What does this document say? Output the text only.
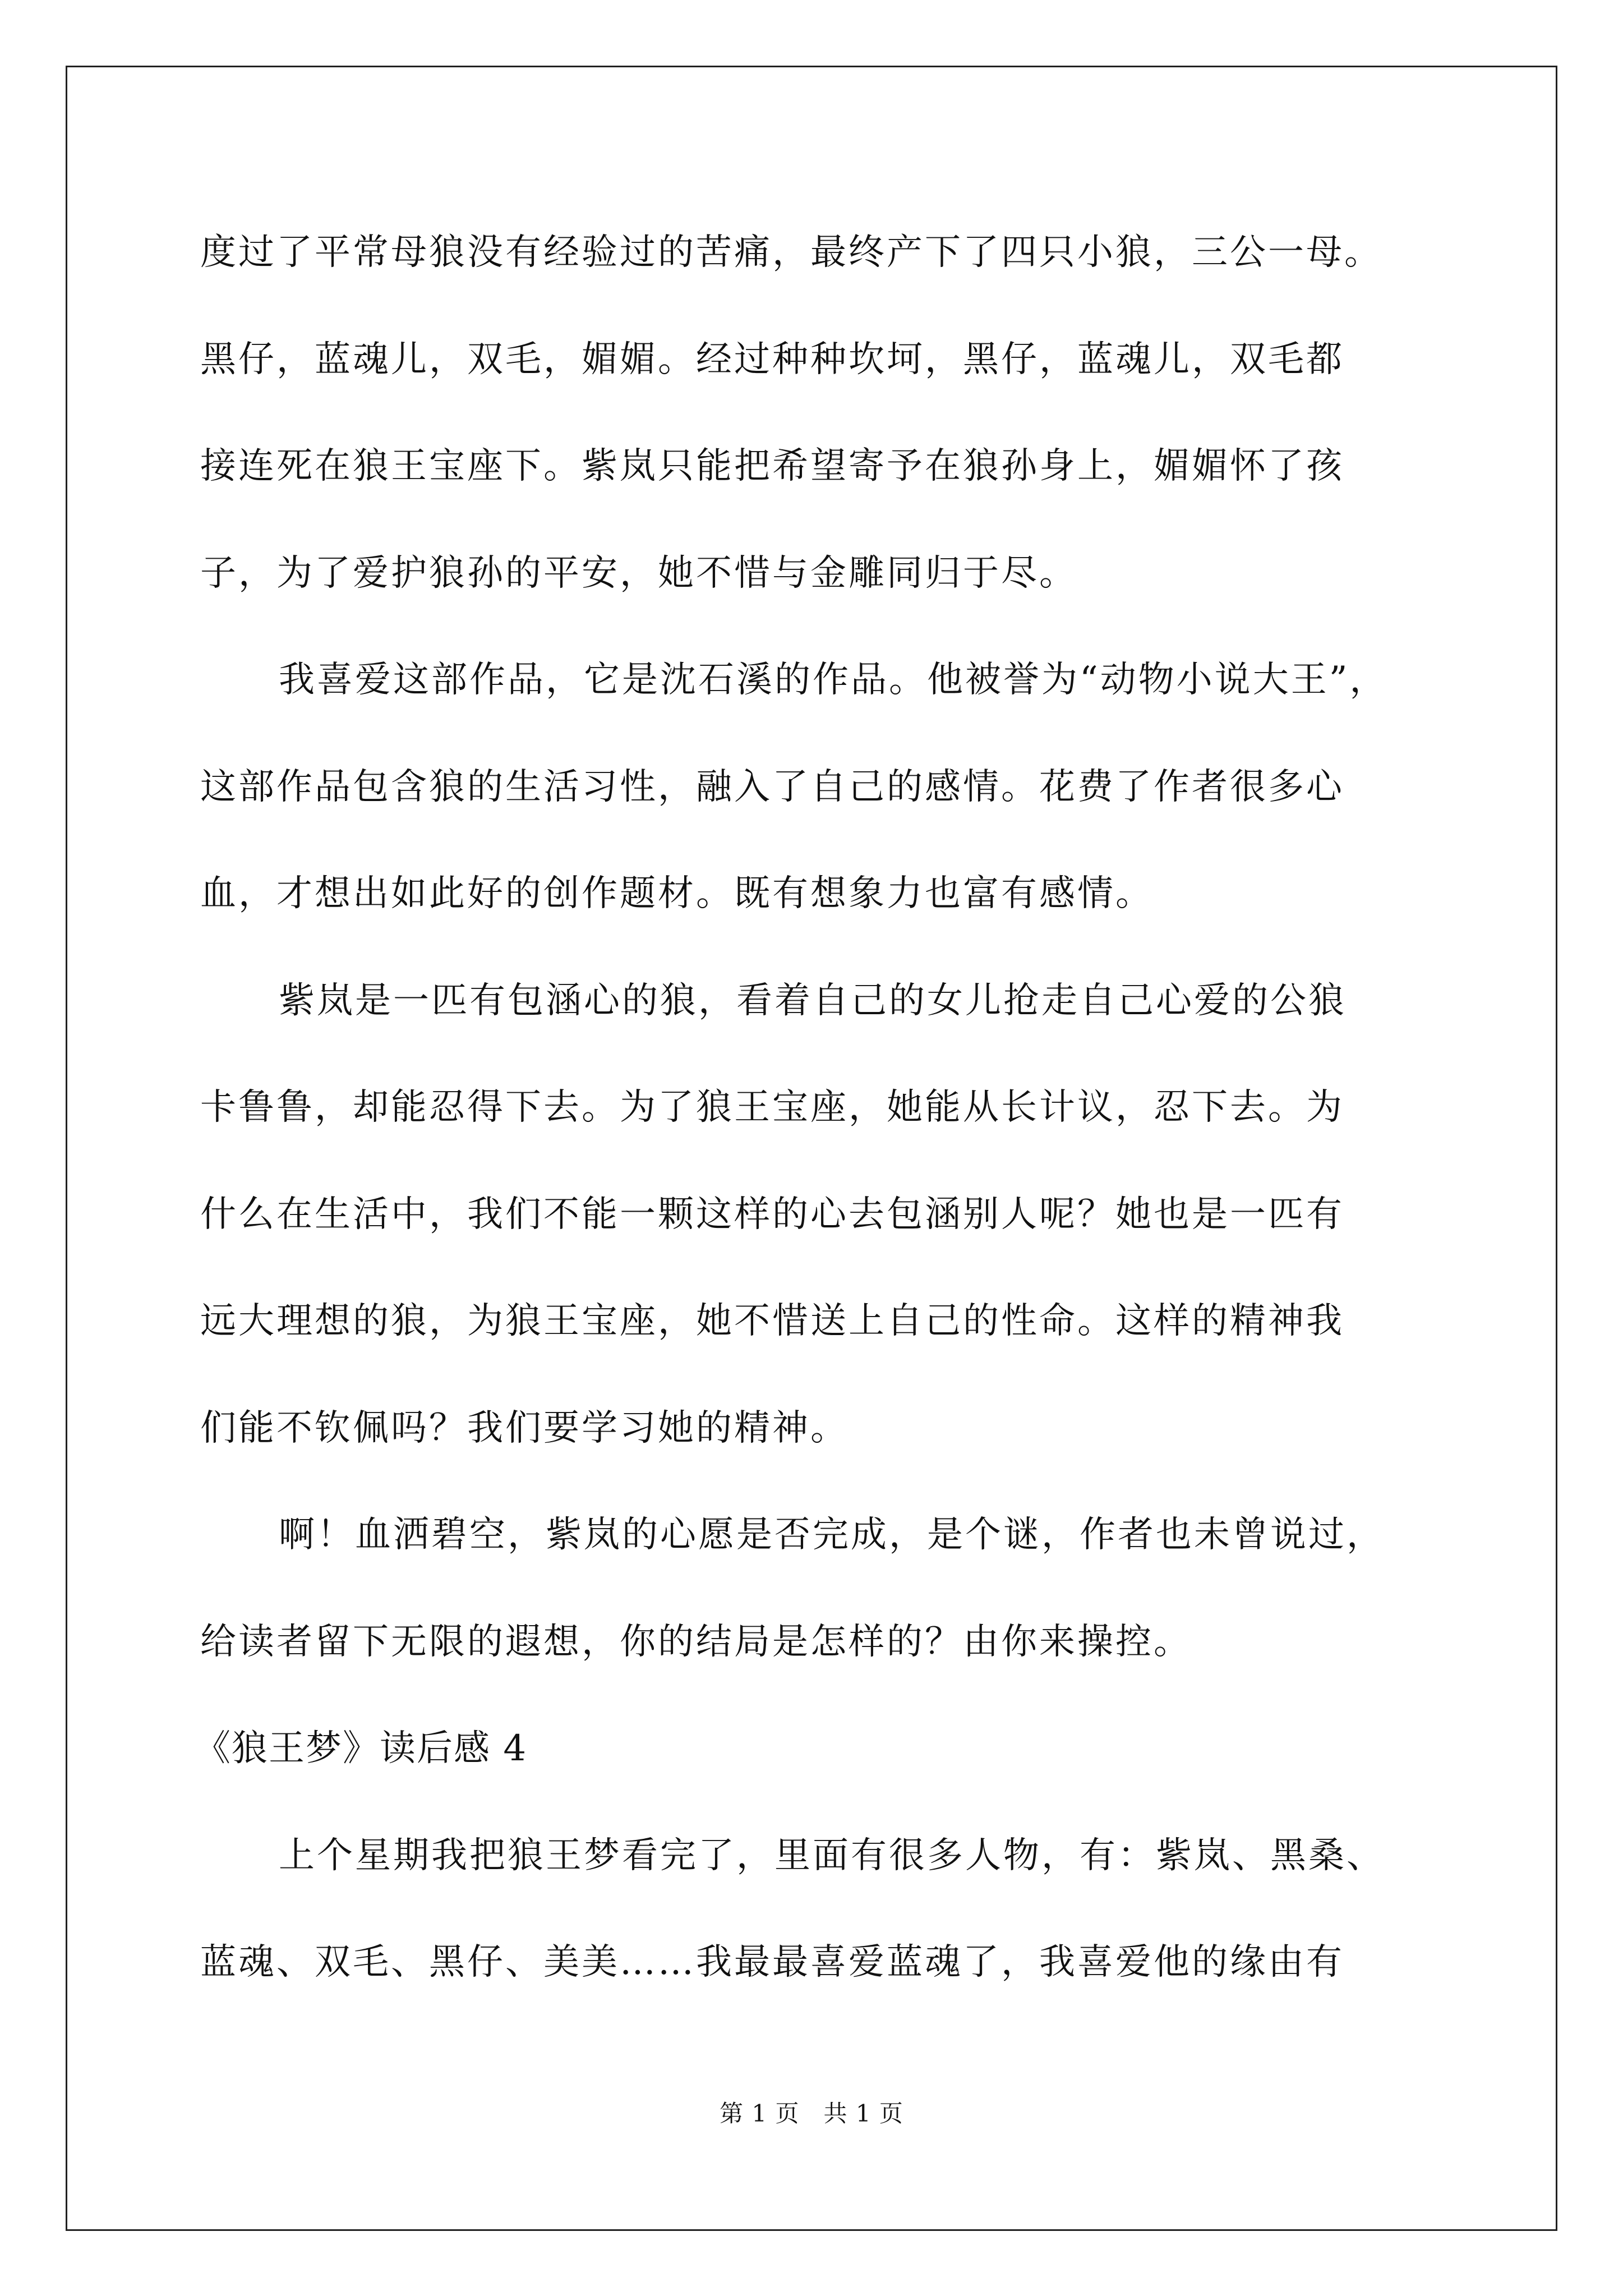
度过了平常母狼没有经验过的苦痛，最终产下了四只小狼，三公一母。
黑仔，蓝魂儿，双毛，媚媚。经过种种坎坷，黑仔，蓝魂儿，双毛都
接连死在狼王宝座下。紫岚只能把希望寄予在狼孙身上，媚媚怀了孩
子，为了爱护狼孙的平安，她不惜与金雕同归于尽。
我喜爱这部作品，它是沈石溪的作品。他被誉为“动物小说大王”，
这部作品包含狼的生活习性，融入了自己的感情。花费了作者很多心
血，才想出如此好的创作题材。既有想象力也富有感情。
紫岚是一匹有包涵心的狼，看着自己的女儿抢走自己心爱的公狼
卡鲁鲁，却能忍得下去。为了狼王宝座，她能从长计议，忍下去。为
什么在生活中，我们不能一颗这样的心去包涵别人呢？她也是一匹有
远大理想的狼，为狼王宝座，她不惜送上自己的性命。这样的精神我
们能不钦佩吗？我们要学习她的精神。
啊！血洒碧空，紫岚的心愿是否完成，是个谜，作者也未曾说过，
给读者留下无限的遐想，你的结局是怎样的？由你来操控。
《狼王梦》读后感 4
上个星期我把狼王梦看完了，里面有很多人物，有：紫岚、黑桑、
蓝魂、双毛、黑仔、美美……我最最喜爱蓝魂了，我喜爱他的缘由有
第 1 页　共 1 页
